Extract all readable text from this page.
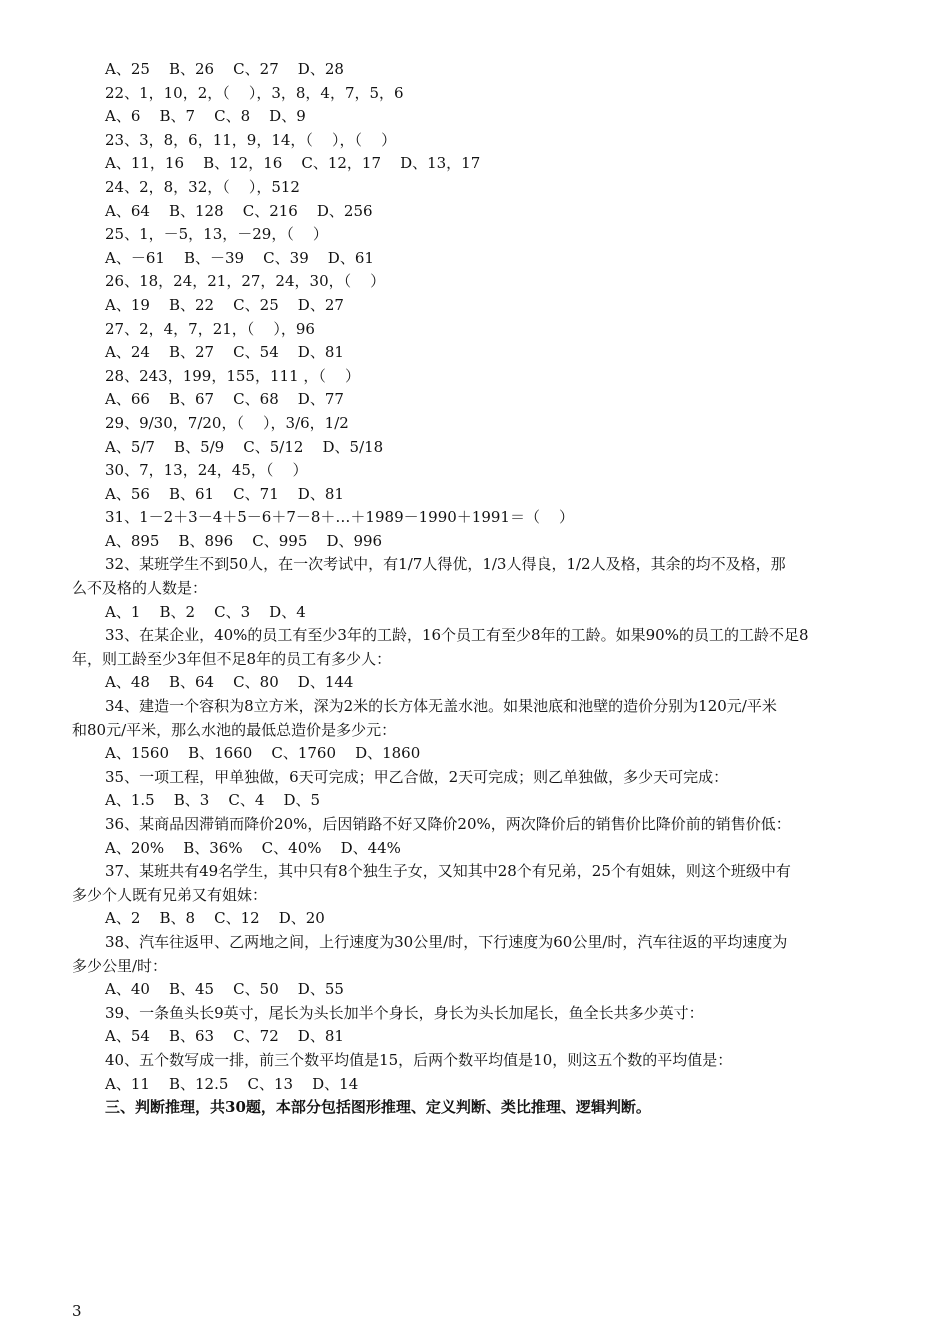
A、25    B、26    C、27    D、28
22、1，10，2，（    ），3，8，4，7，5，6
A、6    B、7    C、8    D、9
23、3，8，6，11，9，14，（    ），（    ）
A、11，16    B、12，16    C、12，17    D、13，17
24、2，8，32，（    ），512
A、64    B、128    C、216    D、256
25、1，－5，13，－29，（    ）
A、－61    B、－39    C、39    D、61
26、18，24，21，27，24，30，（    ）
A、19    B、22    C、25    D、27
27、2，4，7，21，（    ），96
A、24    B、27    C、54    D、81
28、243，199，155，111 ，（    ）
A、66    B、67    C、68    D、77
29、9/30，7/20，（    ），3/6，1/2
A、5/7    B、5/9    C、5/12    D、5/18
30、7，13，24，45，（    ）
A、56    B、61    C、71    D、81
31、1－2＋3－4＋5－6＋7－8＋…＋1989－1990＋1991＝（    ）
A、895    B、896    C、995    D、996
32、某班学生不到50人，在一次考试中，有1/7人得优，1/3人得良，1/2人及格，其余的均不及格，那
么不及格的人数是：
A、1    B、2    C、3    D、4
33、在某企业，40%的员工有至少3年的工龄，16个员工有至少8年的工龄。如果90%的员工的工龄不足8
年，则工龄至少3年但不足8年的员工有多少人：
A、48    B、64    C、80    D、144
34、建造一个容积为8立方米，深为2米的长方体无盖水池。如果池底和池壁的造价分别为120元/平米
和80元/平米，那么水池的最低总造价是多少元：
A、1560    B、1660    C、1760    D、1860
35、一项工程，甲单独做，6天可完成；甲乙合做，2天可完成；则乙单独做，多少天可完成：
A、1.5    B、3    C、4    D、5
36、某商品因滞销而降价20%，后因销路不好又降价20%，两次降价后的销售价比降价前的销售价低：
A、20%    B、36%    C、40%    D、44%
37、某班共有49名学生，其中只有8个独生子女，又知其中28个有兄弟，25个有姐妹，则这个班级中有
多少个人既有兄弟又有姐妹：
A、2    B、8    C、12    D、20
38、汽车往返甲、乙两地之间，上行速度为30公里/时，下行速度为60公里/时，汽车往返的平均速度为
多少公里/时：
A、40    B、45    C、50    D、55
39、一条鱼头长9英寸，尾长为头长加半个身长，身长为头长加尾长，鱼全长共多少英寸：
A、54    B、63    C、72    D、81
40、五个数写成一排，前三个数平均值是15，后两个数平均值是10，则这五个数的平均值是：
A、11    B、12.5    C、13    D、14
三、判断推理，共30题，本部分包括图形推理、定义判断、类比推理、逻辑判断。
3
